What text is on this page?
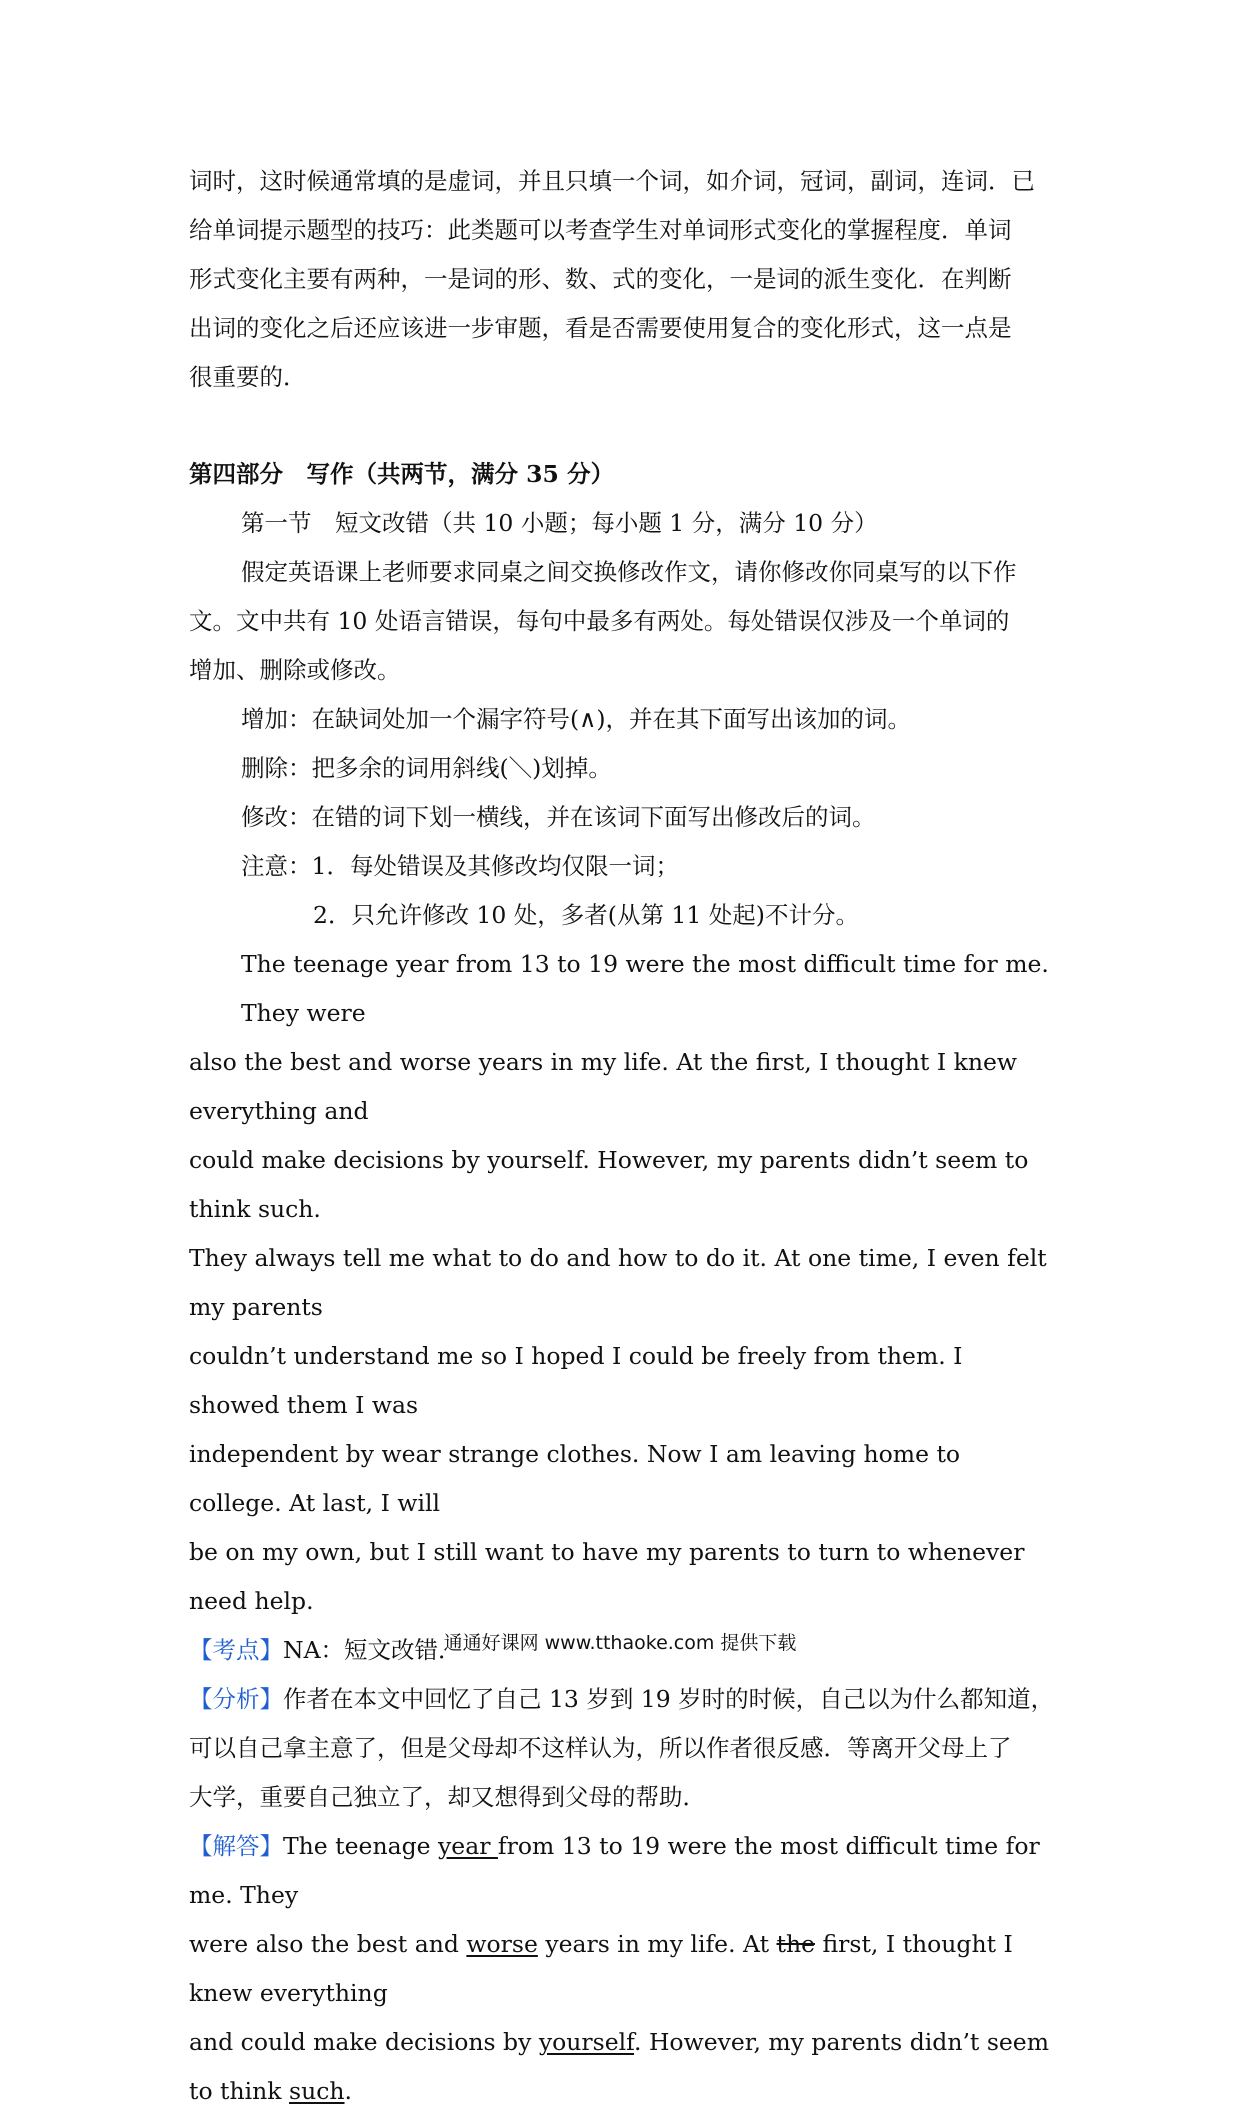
词时，这时候通常填的是虚词，并且只填一个词，如介词，冠词，副词，连词．已

给单词提示题型的技巧：此类题可以考查学生对单词形式变化的掌握程度．单词

形式变化主要有两种，一是词的形、数、式的变化，一是词的派生变化．在判断

出词的变化之后还应该进一步审题，看是否需要使用复合的变化形式，这一点是

很重要的．

第四部分　写作（共两节，满分 35 分）

第一节　短文改错（共 10 小题；每小题 1 分，满分 10 分）

假定英语课上老师要求同桌之间交换修改作文，请你修改你同桌写的以下作

文。文中共有 10 处语言错误，每句中最多有两处。每处错误仅涉及一个单词的

增加、删除或修改。

增加：在缺词处加一个漏字符号(∧)，并在其下面写出该加的词。

删除：把多余的词用斜线(＼)划掉。

修改：在错的词下划一横线，并在该词下面写出修改后的词。

注意：1．每处错误及其修改均仅限一词；

2．只允许修改 10 处，多者(从第 11 处起)不计分。

The teenage year from 13 to 19 were the most difficult time for me. They were

also the best and worse years in my life. At the first, I thought I knew everything and

could make decisions by yourself. However, my parents didn’t seem to think such.

They always tell me what to do and how to do it. At one time, I even felt my parents

couldn’t understand me so I hoped I could be freely from them. I showed them I was

independent by wear strange clothes. Now I am leaving home to college. At last, I will

be on my own, but I still want to have my parents to turn to whenever need help.

【考点】NA：短文改错．

【分析】作者在本文中回忆了自己 13 岁到 19 岁时的时候，自己以为什么都知道，

可以自己拿主意了，但是父母却不这样认为，所以作者很反感．等离开父母上了

大学，重要自己独立了，却又想得到父母的帮助．

【解答】The teenage year from 13 to 19 were the most difficult time for me. They

were also the best and worse years in my life. At the first, I thought I knew everything

and could make decisions by yourself. However, my parents didn’t seem to think such.

通通好课网 www.tthaoke.com 提供下载
